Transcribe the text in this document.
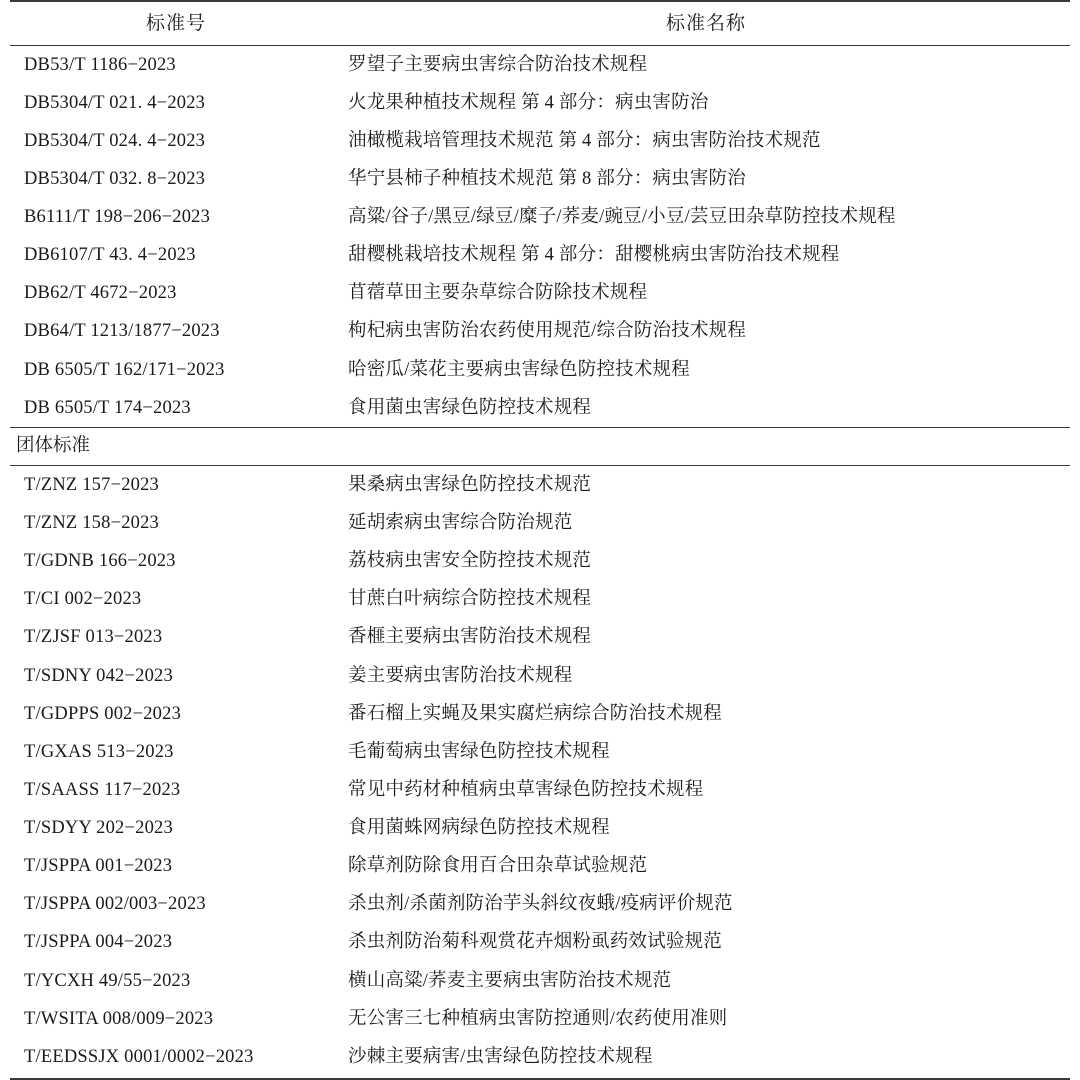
标准号	标准名称
DB53/T 1186−2023	罗望子主要病虫害综合防治技术规程
DB5304/T 021. 4−2023	火龙果种植技术规程 第 4 部分：病虫害防治
DB5304/T 024. 4−2023	油橄榄栽培管理技术规范 第 4 部分：病虫害防治技术规范
DB5304/T 032. 8−2023	华宁县柿子种植技术规范 第 8 部分：病虫害防治
B6111/T 198−206−2023	高粱/谷子/黑豆/绿豆/糜子/荞麦/豌豆/小豆/芸豆田杂草防控技术规程
DB6107/T 43. 4−2023	甜樱桃栽培技术规程 第 4 部分：甜樱桃病虫害防治技术规程
DB62/T 4672−2023	苜蓿草田主要杂草综合防除技术规程
DB64/T 1213/1877−2023	枸杞病虫害防治农药使用规范/综合防治技术规程
DB 6505/T 162/171−2023	哈密瓜/菜花主要病虫害绿色防控技术规程
DB 6505/T 174−2023	食用菌虫害绿色防控技术规程
团体标准	
T/ZNZ 157−2023	果桑病虫害绿色防控技术规范
T/ZNZ 158−2023	延胡索病虫害综合防治规范
T/GDNB 166−2023	荔枝病虫害安全防控技术规范
T/CI 002−2023	甘蔗白叶病综合防控技术规程
T/ZJSF 013−2023	香榧主要病虫害防治技术规程
T/SDNY 042−2023	姜主要病虫害防治技术规程
T/GDPPS 002−2023	番石榴上实蝇及果实腐烂病综合防治技术规程
T/GXAS 513−2023	毛葡萄病虫害绿色防控技术规程
T/SAASS 117−2023	常见中药材种植病虫草害绿色防控技术规程
T/SDYY 202−2023	食用菌蛛网病绿色防控技术规程
T/JSPPA 001−2023	除草剂防除食用百合田杂草试验规范
T/JSPPA 002/003−2023	杀虫剂/杀菌剂防治芋头斜纹夜蛾/疫病评价规范
T/JSPPA 004−2023	杀虫剂防治菊科观赏花卉烟粉虱药效试验规范
T/YCXH 49/55−2023	横山高粱/荞麦主要病虫害防治技术规范
T/WSITA 008/009−2023	无公害三七种植病虫害防控通则/农药使用准则
T/EEDSSJX 0001/0002−2023	沙棘主要病害/虫害绿色防控技术规程
